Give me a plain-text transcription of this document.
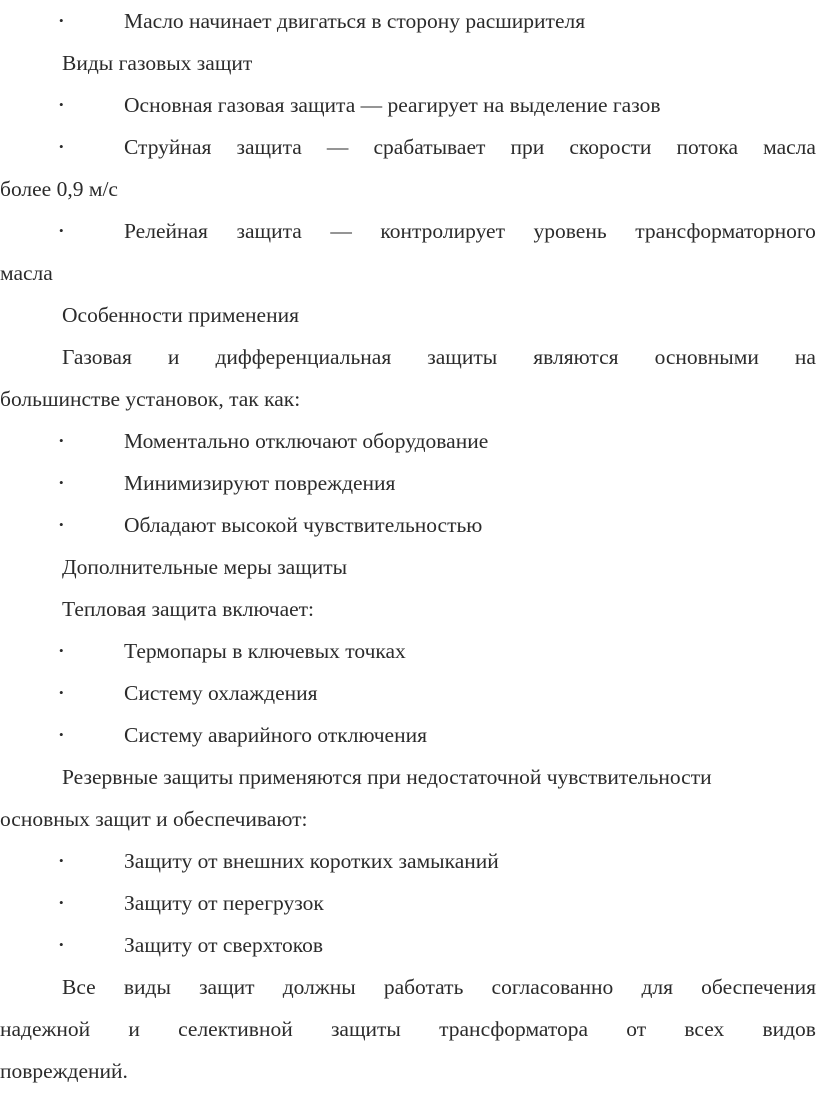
•	Масло начинает двигаться в сторону расширителя
Виды газовых защит
•	Основная газовая защита — реагирует на выделение газов
•	Струйная защита — срабатывает при скорости потока масла
более 0,9 м/с
•	Релейная защита — контролирует уровень трансформаторного
масла
Особенности применения
Газовая и дифференциальная защиты являются основными на
большинстве установок, так как:
•	Моментально отключают оборудование
•	Минимизируют повреждения
•	Обладают высокой чувствительностью
Дополнительные меры защиты
Тепловая защита включает:
•	Термопары в ключевых точках
•	Систему охлаждения
•	Систему аварийного отключения
Резервные защиты применяются при недостаточной чувствительности
основных защит и обеспечивают:
•	Защиту от внешних коротких замыканий
•	Защиту от перегрузок
•	Защиту от сверхтоков
Все виды защит должны работать согласованно для обеспечения
надежной и селективной защиты трансформатора от всех видов
повреждений.
